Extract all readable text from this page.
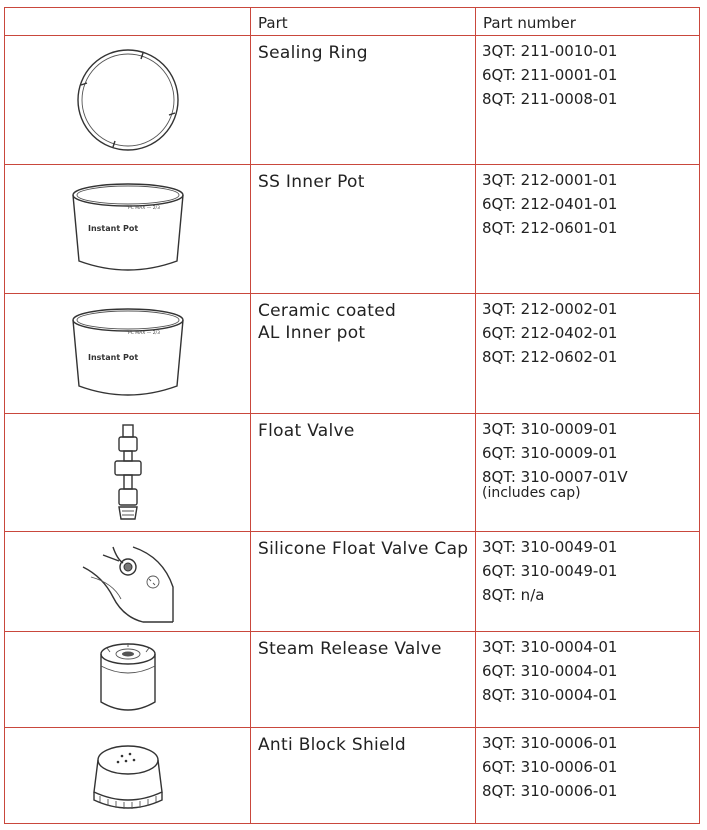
	Part	Part number
	Sealing Ring	3QT: 211-0010-01
6QT: 211-0001-01
8QT: 211-0008-01

Instant Pot
PC MAX — 2/3	SS Inner Pot	3QT: 212-0001-01
6QT: 212-0401-01
8QT: 212-0601-01

Instant Pot
PC MAX — 2/3	Ceramic coated
AL Inner pot	3QT: 212-0002-01
6QT: 212-0402-01
8QT: 212-0602-01

	Float Valve	3QT: 310-0009-01
6QT: 310-0009-01
8QT: 310-0007-01V
(includes cap)

	Silicone Float Valve Cap	3QT: 310-0049-01
6QT: 310-0049-01
8QT: n/a

	Steam Release Valve	3QT: 310-0004-01
6QT: 310-0004-01
8QT: 310-0004-01

	Anti Block Shield	3QT: 310-0006-01
6QT: 310-0006-01
8QT: 310-0006-01
